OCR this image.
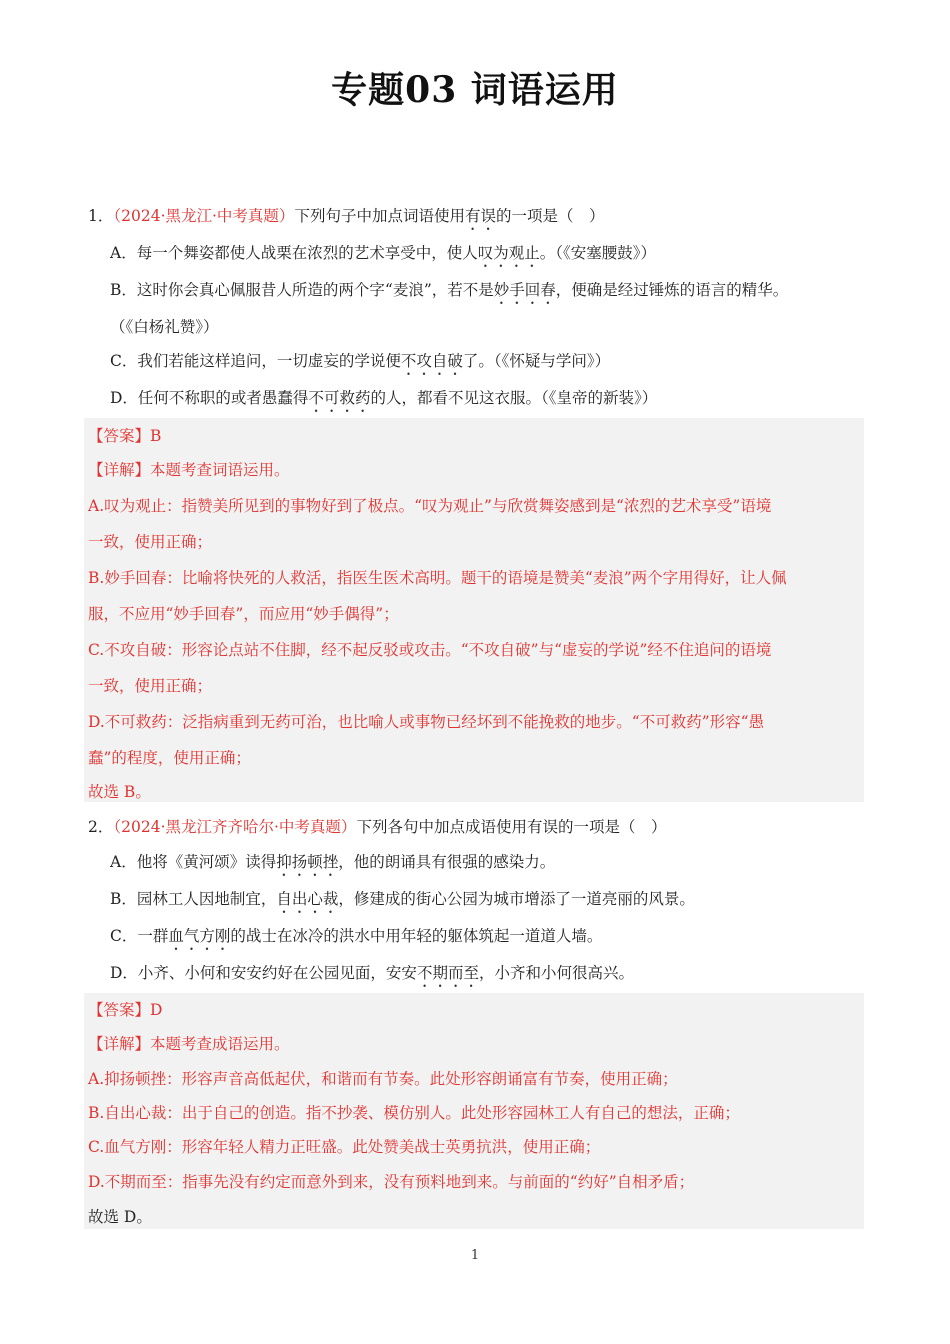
专题03 词语运用
1．（2024·黑龙江·中考真题）下列句子中加点词语使用有误的一项是（　）
A．每一个舞姿都使人战栗在浓烈的艺术享受中，使人叹为观止。（《安塞腰鼓》）
B．这时你会真心佩服昔人所造的两个字“麦浪”，若不是妙手回春，便确是经过锤炼的语言的精华。
（《白杨礼赞》）
C．我们若能这样追问，一切虚妄的学说便不攻自破了。（《怀疑与学问》）
D．任何不称职的或者愚蠢得不可救药的人，都看不见这衣服。（《皇帝的新装》）
【答案】B
【详解】本题考查词语运用。
A.叹为观止：指赞美所见到的事物好到了极点。“叹为观止”与欣赏舞姿感到是“浓烈的艺术享受”语境
一致，使用正确；
B.妙手回春：比喻将快死的人救活，指医生医术高明。题干的语境是赞美“麦浪”两个字用得好，让人佩
服，不应用“妙手回春”，而应用“妙手偶得”；
C.不攻自破：形容论点站不住脚，经不起反驳或攻击。“不攻自破”与“虚妄的学说”经不住追问的语境
一致，使用正确；
D.不可救药：泛指病重到无药可治，也比喻人或事物已经坏到不能挽救的地步。“不可救药”形容“愚
蠢”的程度，使用正确；
故选 B。
2．（2024·黑龙江齐齐哈尔·中考真题）下列各句中加点成语使用有误的一项是（　）
A．他将《黄河颂》读得抑扬顿挫，他的朗诵具有很强的感染力。
B．园林工人因地制宜，自出心裁，修建成的街心公园为城市增添了一道亮丽的风景。
C．一群血气方刚的战士在冰冷的洪水中用年轻的躯体筑起一道道人墙。
D．小齐、小何和安安约好在公园见面，安安不期而至，小齐和小何很高兴。
【答案】D
【详解】本题考查成语运用。
A.抑扬顿挫：形容声音高低起伏，和谐而有节奏。此处形容朗诵富有节奏，使用正确；
B.自出心裁：出于自己的创造。指不抄袭、模仿别人。此处形容园林工人有自己的想法，正确；
C.血气方刚：形容年轻人精力正旺盛。此处赞美战士英勇抗洪，使用正确；
D.不期而至：指事先没有约定而意外到来，没有预料地到来。与前面的“约好”自相矛盾；
故选 D。
1
